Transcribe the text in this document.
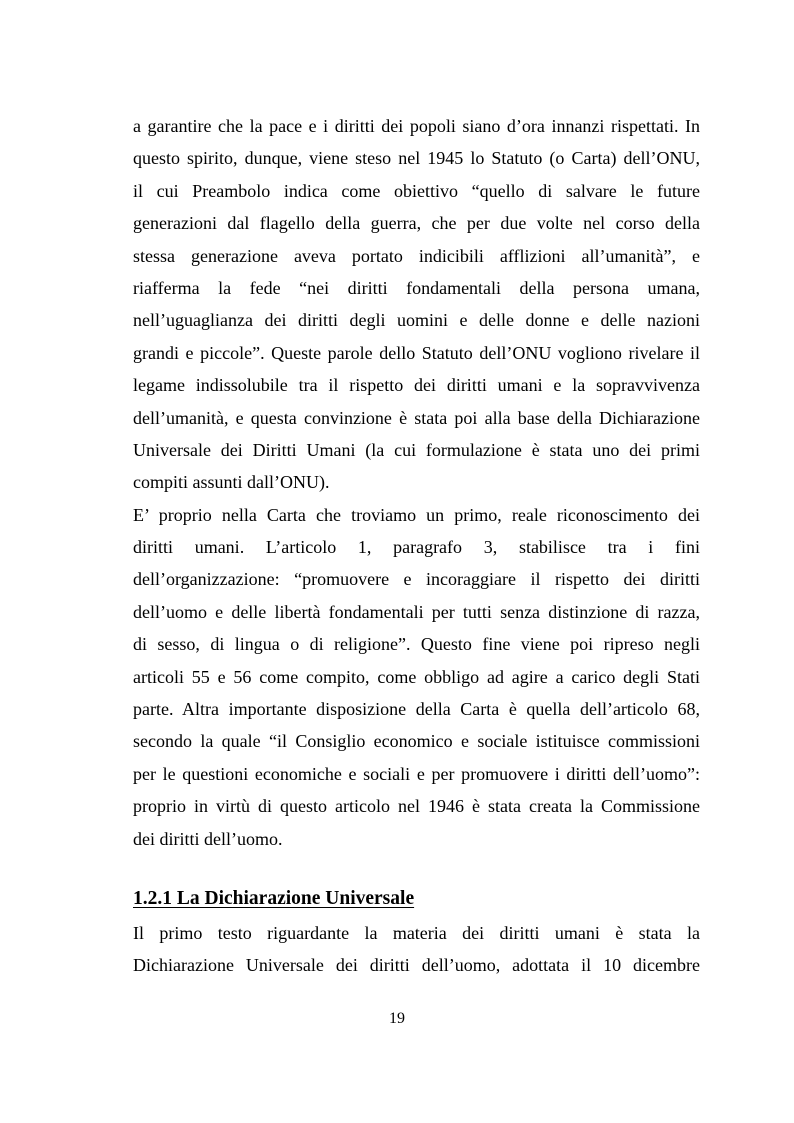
a garantire che la pace e i diritti dei popoli siano d’ora innanzi rispettati. In
questo spirito, dunque, viene steso nel 1945 lo Statuto (o Carta) dell’ONU,
il cui Preambolo indica come obiettivo “quello di salvare le future
generazioni dal flagello della guerra, che per due volte nel corso della
stessa generazione aveva portato indicibili afflizioni all’umanità”, e
riafferma la fede “nei diritti fondamentali della persona umana,
nell’uguaglianza dei diritti degli uomini e delle donne e delle nazioni
grandi e piccole”. Queste parole dello Statuto dell’ONU vogliono rivelare il
legame indissolubile tra il rispetto dei diritti umani e la sopravvivenza
dell’umanità, e questa convinzione è stata poi alla base della Dichiarazione
Universale dei Diritti Umani (la cui formulazione è stata uno dei primi
compiti assunti dall’ONU).
E’ proprio nella Carta che troviamo un primo, reale riconoscimento dei
diritti umani. L’articolo 1, paragrafo 3, stabilisce tra i fini
dell’organizzazione: “promuovere e incoraggiare il rispetto dei diritti
dell’uomo e delle libertà fondamentali per tutti senza distinzione di razza,
di sesso, di lingua o di religione”. Questo fine viene poi ripreso negli
articoli 55 e 56 come compito, come obbligo ad agire a carico degli Stati
parte. Altra importante disposizione della Carta è quella dell’articolo 68,
secondo la quale “il Consiglio economico e sociale istituisce commissioni
per le questioni economiche e sociali e per promuovere i diritti dell’uomo”:
proprio in virtù di questo articolo nel 1946 è stata creata la Commissione
dei diritti dell’uomo.
1.2.1 La Dichiarazione Universale
Il primo testo riguardante la materia dei diritti umani è stata la
Dichiarazione Universale dei diritti dell’uomo, adottata il 10 dicembre
19
